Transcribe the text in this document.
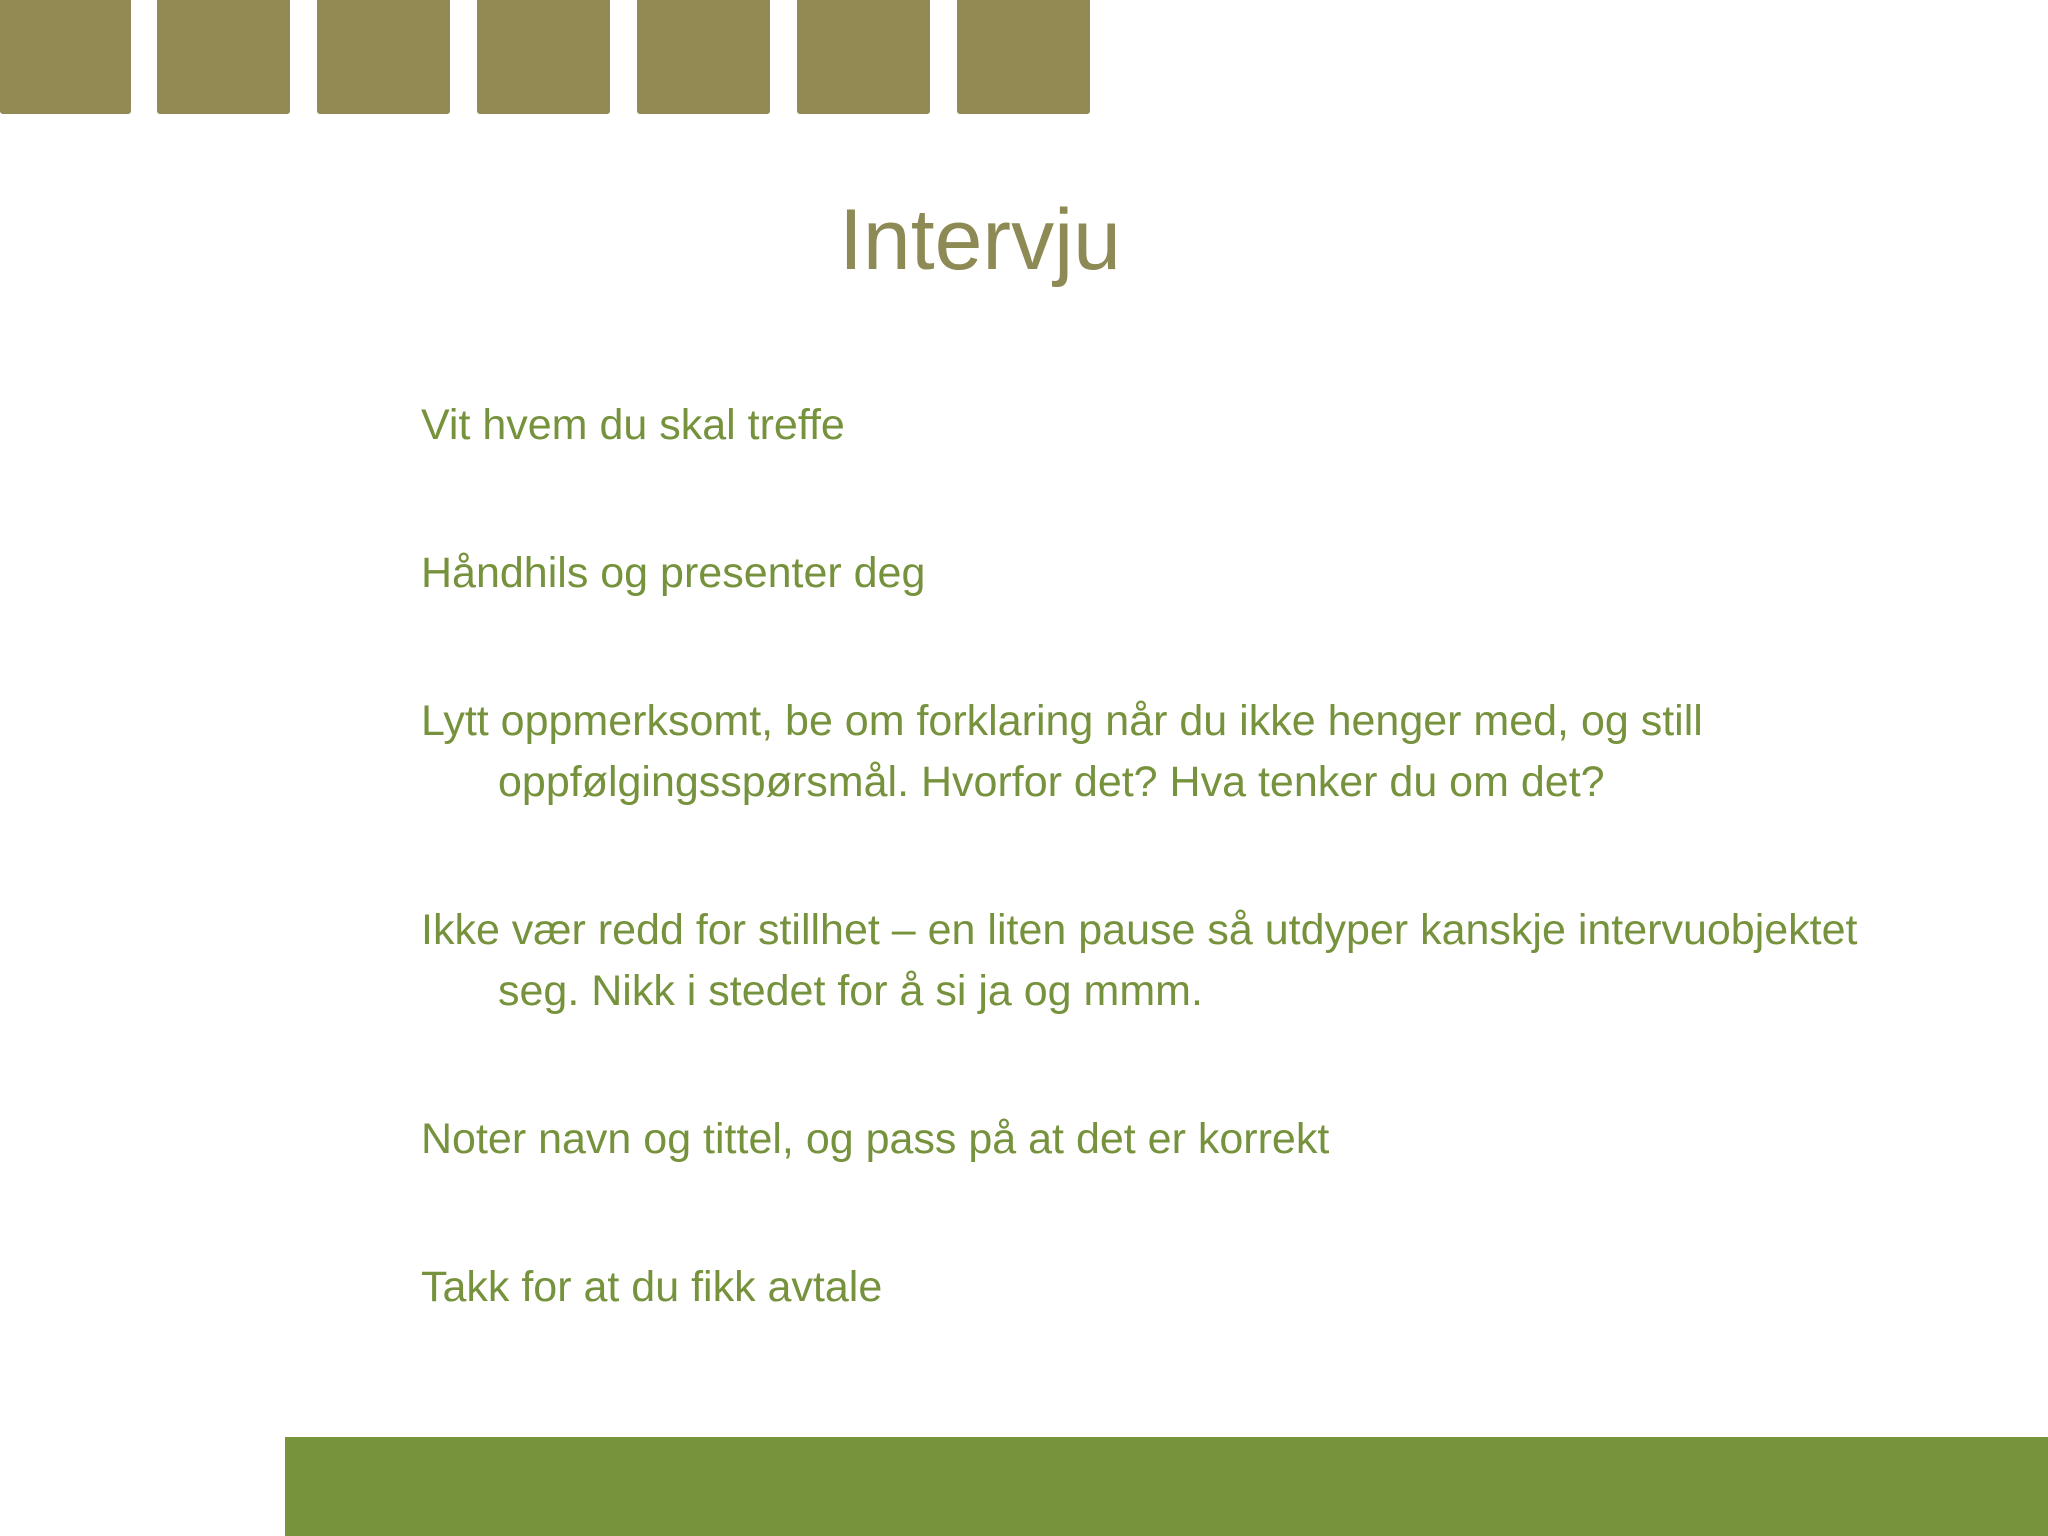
Intervju
Vit hvem du skal treffe
Håndhils og presenter deg
Lytt oppmerksomt, be om forklaring når du ikke henger med, og still oppfølgingsspørsmål. Hvorfor det? Hva tenker du om det?
Ikke vær redd for stillhet – en liten pause så utdyper kanskje intervuobjektet seg. Nikk i stedet for å si ja og mmm.
Noter navn og tittel, og pass på at det er korrekt
Takk for at du fikk avtale
